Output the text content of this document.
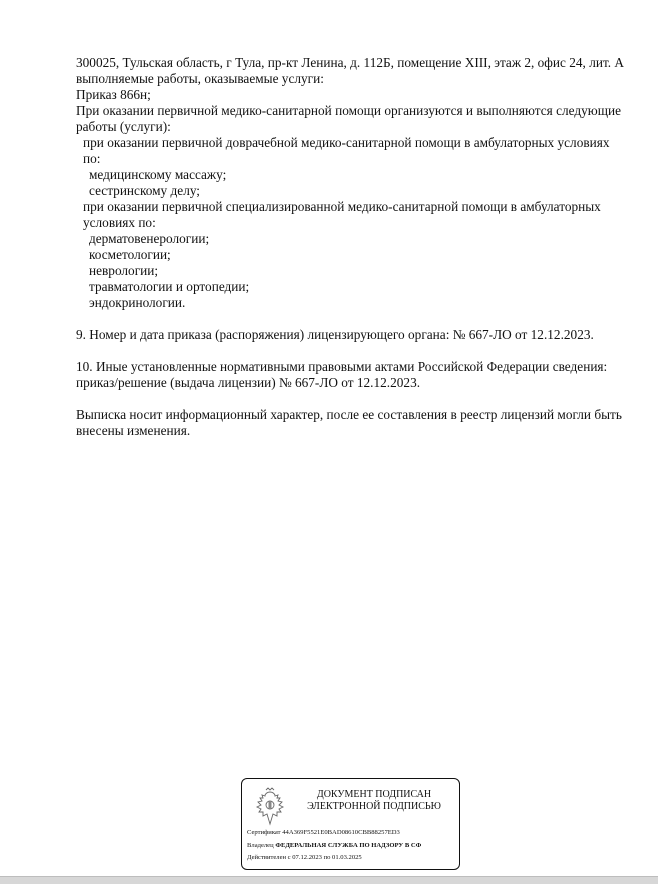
300025, Тульская область, г Тула, пр-кт Ленина, д. 112Б, помещение XIII, этаж 2, офис 24, лит. А

выполняемые работы, оказываемые услуги:

Приказ 866н;

При оказании первичной медико-санитарной помощи организуются и выполняются следующие работы (услуги):

при оказании первичной доврачебной медико-санитарной помощи в амбулаторных условиях по:

медицинскому массажу;

сестринскому делу;

при оказании первичной специализированной медико-санитарной помощи в амбулаторных условиях по:

дерматовенерологии;

косметологии;

неврологии;

травматологии и ортопедии;

эндокринологии.

9. Номер и дата приказа (распоряжения) лицензирующего органа: № 667-ЛО от 12.12.2023.

10. Иные установленные нормативными правовыми актами Российской Федерации сведения: приказ/решение (выдача лицензии) № 667-ЛО от 12.12.2023.

Выписка носит информационный характер, после ее составления в реестр лицензий могли быть внесены изменения.

ДОКУМЕНТ ПОДПИСАН
ЭЛЕКТРОННОЙ ПОДПИСЬЮ
Сертификат 44A369F5521E0BAD08610CBB88257ED3
Владелец ФЕДЕРАЛЬНАЯ СЛУЖБА ПО НАДЗОРУ В СФ
Действителен с 07.12.2023 по 01.03.2025
